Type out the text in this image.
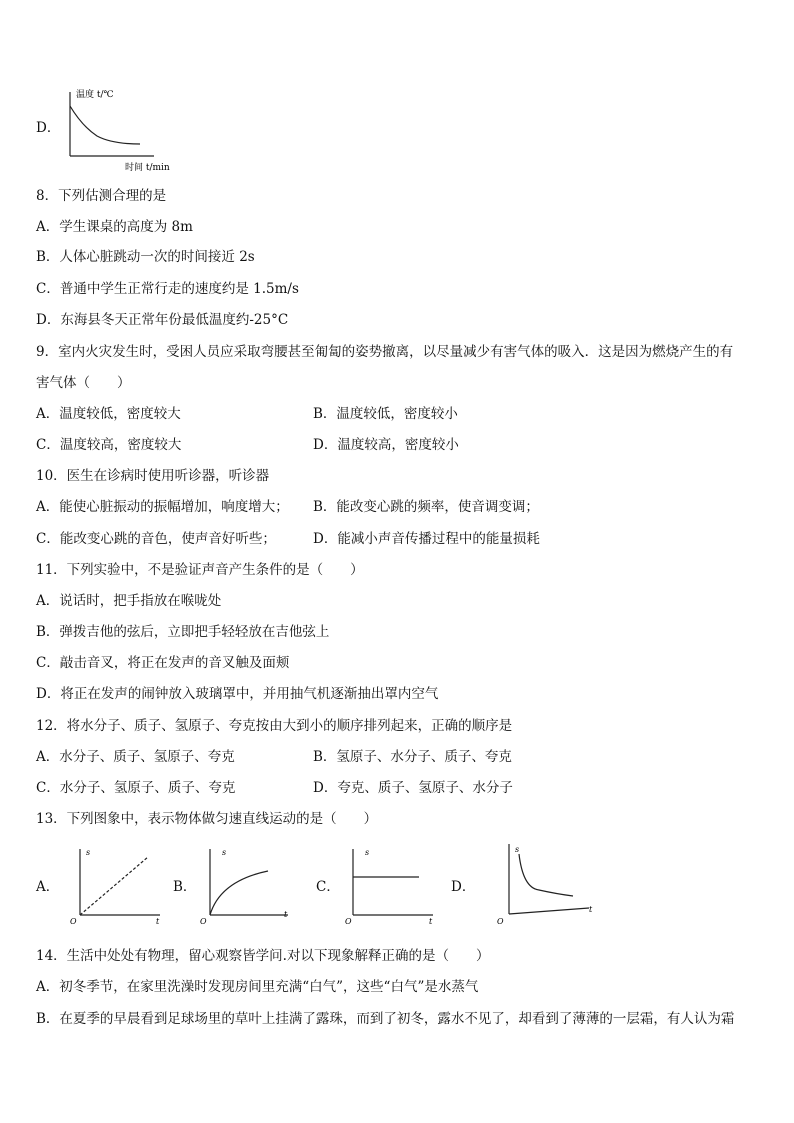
D．
温度 t/℃
时间 t/min
8．下列估测合理的是
A．学生课桌的高度为 8m
B．人体心脏跳动一次的时间接近 2s
C．普通中学生正常行走的速度约是 1.5m/s
D．东海县冬天正常年份最低温度约-25°C
9．室内火灾发生时，受困人员应采取弯腰甚至匍匐的姿势撤离，以尽量减少有害气体的吸入．这是因为燃烧产生的有
害气体（　　）
A．温度较低，密度较大	B．温度较低，密度较小
C．温度较高，密度较大	D．温度较高，密度较小
10．医生在诊病时使用听诊器，听诊器
A．能使心脏振动的振幅增加，响度增大； B．能改变心跳的频率，使音调变调；
C．能改变心跳的音色，使声音好听些；	D．能减小声音传播过程中的能量损耗
11．下列实验中，不是验证声音产生条件的是（　　）
A．说话时，把手指放在喉咙处
B．弹拨吉他的弦后，立即把手轻轻放在吉他弦上
C．敲击音叉，将正在发声的音叉触及面颊
D．将正在发声的闹钟放入玻璃罩中，并用抽气机逐渐抽出罩内空气
12．将水分子、质子、氢原子、夸克按由大到小的顺序排列起来，正确的顺序是
A．水分子、质子、氢原子、夸克	B．氢原子、水分子、质子、夸克
C．水分子、氢原子、质子、夸克	D．夸克、质子、氢原子、水分子
13．下列图象中，表示物体做匀速直线运动的是（　　）
A．
s
t
O
B．
s
t
O
C．
s
t
O
D．
s
t
O
14．生活中处处有物理，留心观察皆学问.对以下现象解释正确的是（　　）
A．初冬季节，在家里洗澡时发现房间里充满“白气”，这些“白气”是水蒸气
B．在夏季的早晨看到足球场里的草叶上挂满了露珠，而到了初冬，露水不见了，却看到了薄薄的一层霜，有人认为霜
